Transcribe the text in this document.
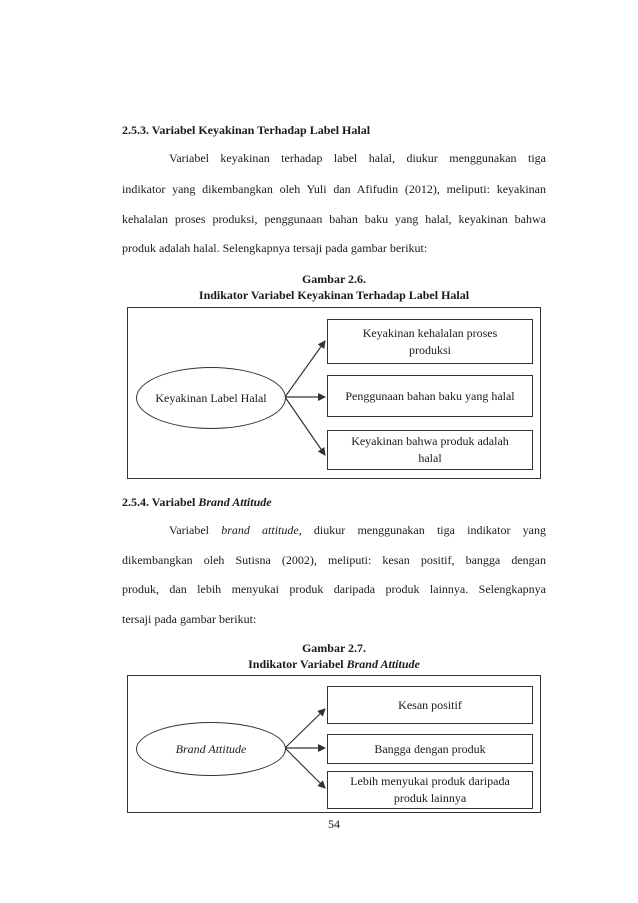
2.5.3. Variabel Keyakinan Terhadap Label Halal
Variabel keyakinan terhadap label halal, diukur menggunakan tiga
indikator yang dikembangkan oleh Yuli dan Afifudin (2012), meliputi: keyakinan
kehalalan proses produksi, penggunaan bahan baku yang halal, keyakinan bahwa
produk adalah halal. Selengkapnya tersaji pada gambar berikut:
Gambar 2.6.
Indikator Variabel Keyakinan Terhadap Label Halal
Keyakinan Label Halal
Keyakinan kehalalan proses produksi
Penggunaan bahan baku yang halal
Keyakinan bahwa produk adalah halal
2.5.4. Variabel Brand Attitude
Variabel brand attitude, diukur menggunakan tiga indikator yang
dikembangkan oleh Sutisna (2002), meliputi: kesan positif, bangga dengan
produk, dan lebih menyukai produk daripada produk lainnya. Selengkapnya
tersaji pada gambar berikut:
Gambar 2.7.
Indikator Variabel Brand Attitude
Brand Attitude
Kesan positif
Bangga dengan produk
Lebih menyukai produk daripada produk lainnya
54
